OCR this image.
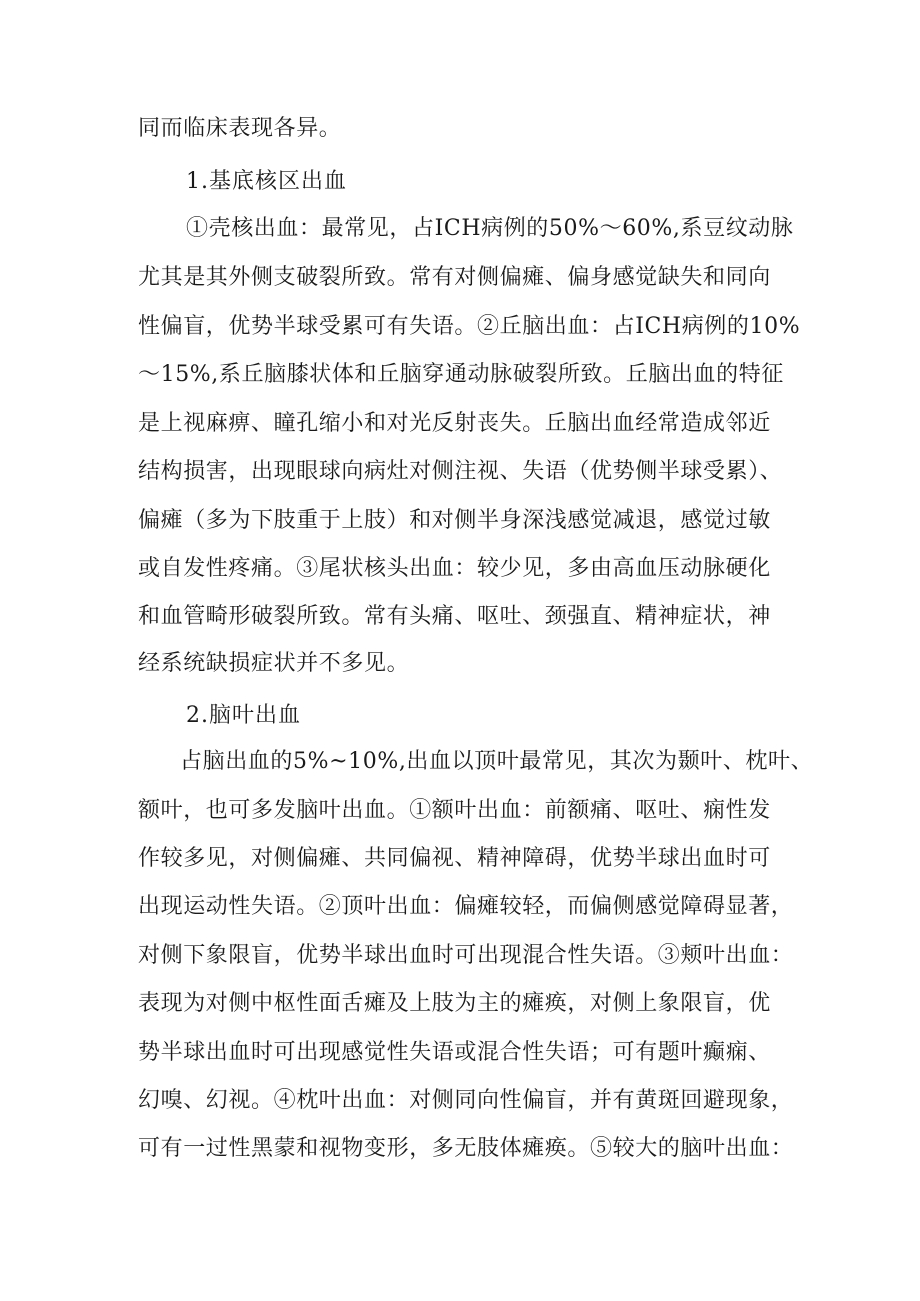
同而临床表现各异。
1.基底核区出血
①壳核出血：最常见，占ICH病例的50%～60%,系豆纹动脉
尤其是其外侧支破裂所致。常有对侧偏瘫、偏身感觉缺失和同向
性偏盲，优势半球受累可有失语。②丘脑出血：占ICH病例的10%
～15%,系丘脑膝状体和丘脑穿通动脉破裂所致。丘脑出血的特征
是上视麻痹、瞳孔缩小和对光反射丧失。丘脑出血经常造成邻近
结构损害，出现眼球向病灶对侧注视、失语（优势侧半球受累）、
偏瘫（多为下肢重于上肢）和对侧半身深浅感觉减退，感觉过敏
或自发性疼痛。③尾状核头出血：较少见，多由高血压动脉硬化
和血管畸形破裂所致。常有头痛、呕吐、颈强直、精神症状，神
经系统缺损症状并不多见。
2.脑叶出血
占脑出血的5%~10%,出血以顶叶最常见，其次为颞叶、枕叶、
额叶，也可多发脑叶出血。①额叶出血：前额痛、呕吐、痫性发
作较多见，对侧偏瘫、共同偏视、精神障碍，优势半球出血时可
出现运动性失语。②顶叶出血：偏瘫较轻，而偏侧感觉障碍显著，
对侧下象限盲，优势半球出血时可出现混合性失语。③颊叶出血：
表现为对侧中枢性面舌瘫及上肢为主的瘫痪，对侧上象限盲，优
势半球出血时可出现感觉性失语或混合性失语；可有题叶癫痫、
幻嗅、幻视。④枕叶出血：对侧同向性偏盲，并有黄斑回避现象，
可有一过性黑蒙和视物变形，多无肢体瘫痪。⑤较大的脑叶出血：
